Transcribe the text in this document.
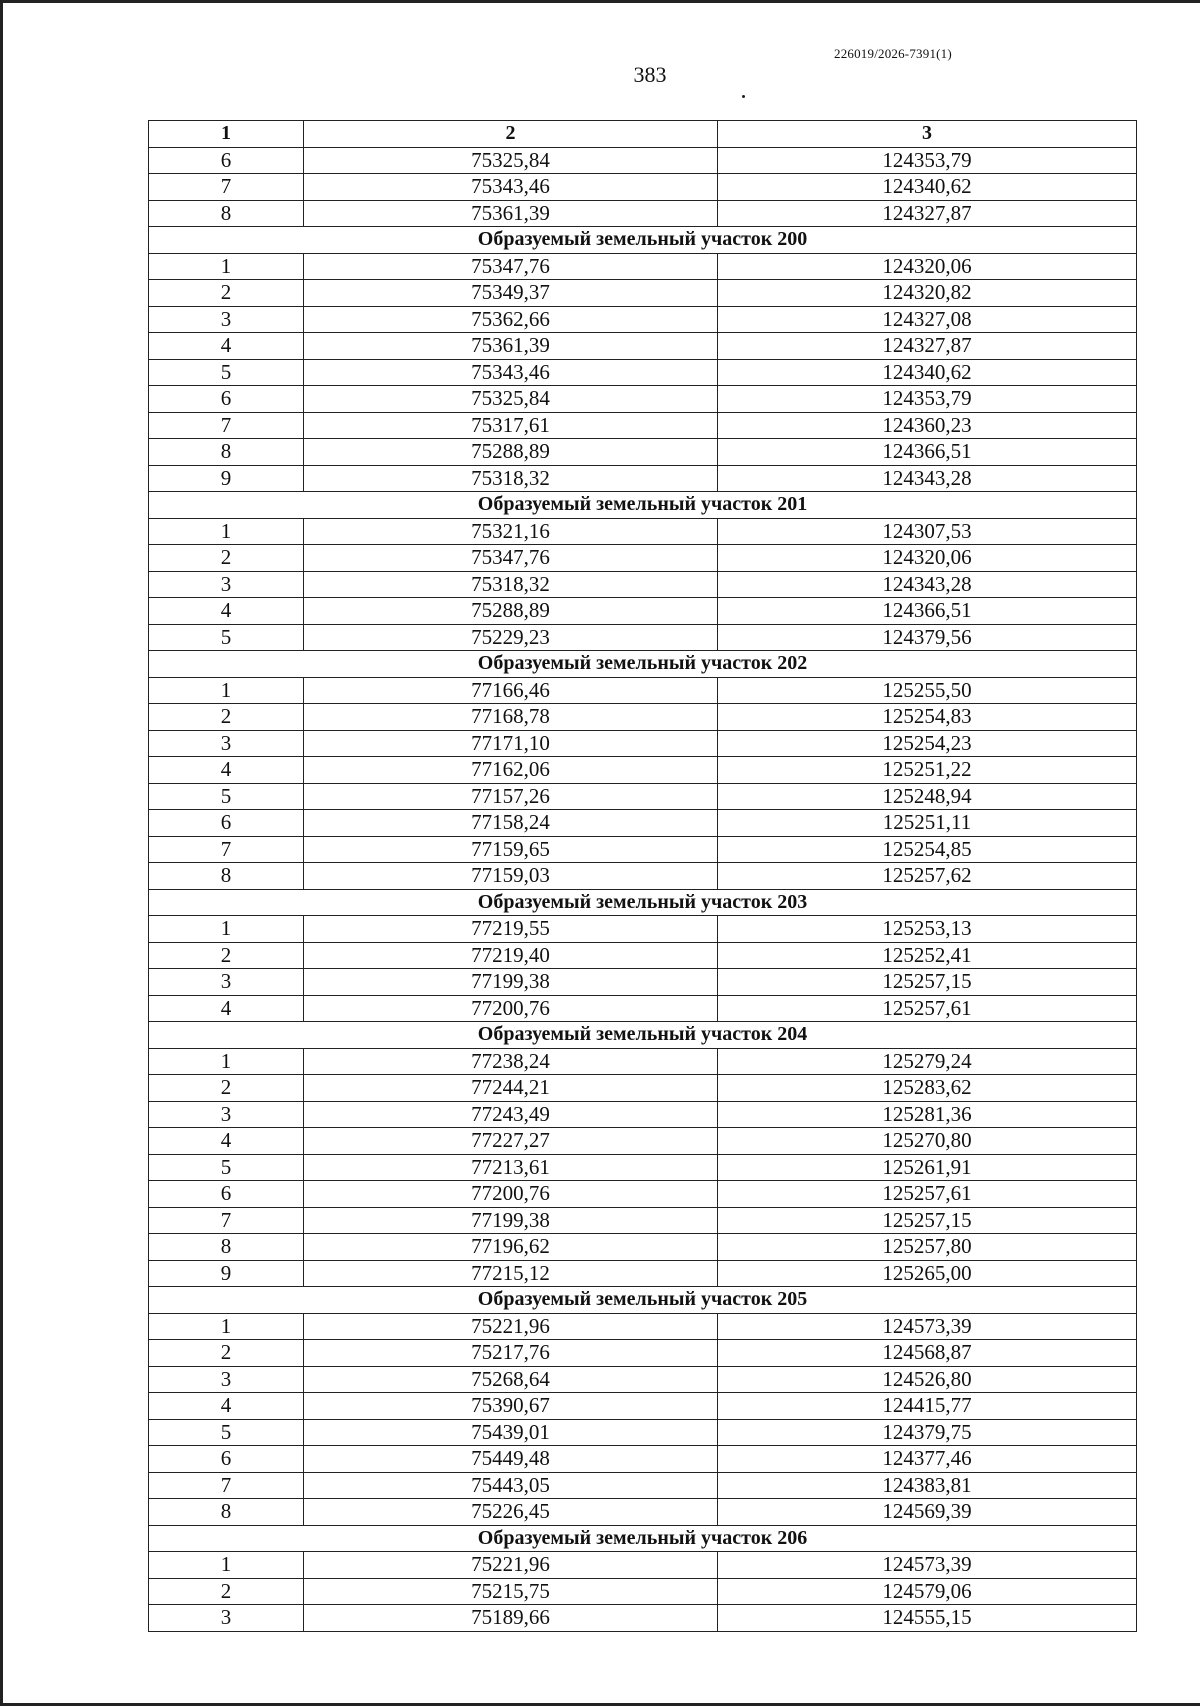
226019/2026-7391(1)
383
1	2	3
6	75325,84	124353,79
7	75343,46	124340,62
8	75361,39	124327,87
Образуемый земельный участок 200		
1	75347,76	124320,06
2	75349,37	124320,82
3	75362,66	124327,08
4	75361,39	124327,87
5	75343,46	124340,62
6	75325,84	124353,79
7	75317,61	124360,23
8	75288,89	124366,51
9	75318,32	124343,28
Образуемый земельный участок 201		
1	75321,16	124307,53
2	75347,76	124320,06
3	75318,32	124343,28
4	75288,89	124366,51
5	75229,23	124379,56
Образуемый земельный участок 202		
1	77166,46	125255,50
2	77168,78	125254,83
3	77171,10	125254,23
4	77162,06	125251,22
5	77157,26	125248,94
6	77158,24	125251,11
7	77159,65	125254,85
8	77159,03	125257,62
Образуемый земельный участок 203		
1	77219,55	125253,13
2	77219,40	125252,41
3	77199,38	125257,15
4	77200,76	125257,61
Образуемый земельный участок 204		
1	77238,24	125279,24
2	77244,21	125283,62
3	77243,49	125281,36
4	77227,27	125270,80
5	77213,61	125261,91
6	77200,76	125257,61
7	77199,38	125257,15
8	77196,62	125257,80
9	77215,12	125265,00
Образуемый земельный участок 205		
1	75221,96	124573,39
2	75217,76	124568,87
3	75268,64	124526,80
4	75390,67	124415,77
5	75439,01	124379,75
6	75449,48	124377,46
7	75443,05	124383,81
8	75226,45	124569,39
Образуемый земельный участок 206		
1	75221,96	124573,39
2	75215,75	124579,06
3	75189,66	124555,15
